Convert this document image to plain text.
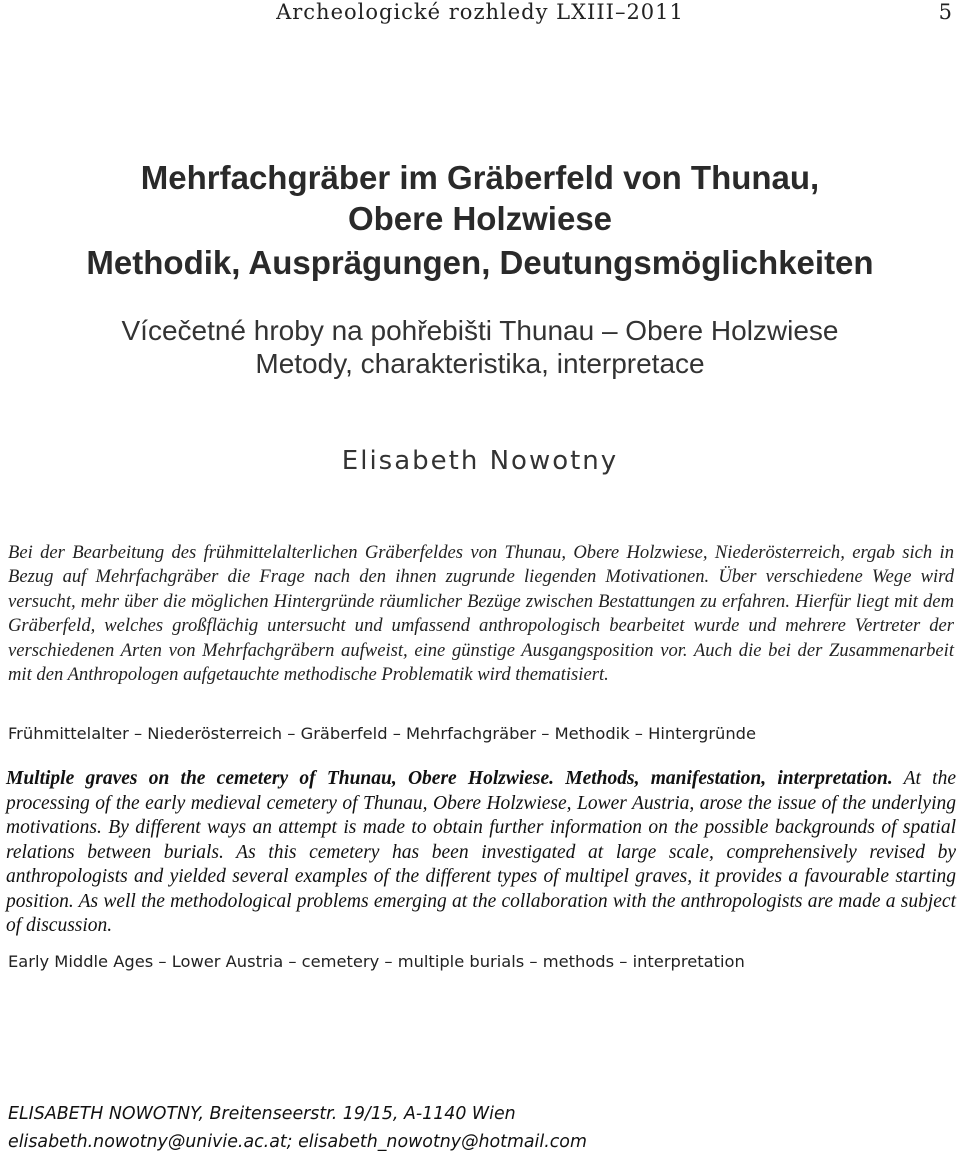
Archeologické rozhledy LXIII–2011	5
Mehrfachgräber im Gräberfeld von Thunau,
Obere Holzwiese
Methodik, Ausprägungen, Deutungsmöglichkeiten
Vícečetné hroby na pohřebišti Thunau – Obere Holzwiese
Metody, charakteristika, interpretace
Elisabeth Nowotny
Bei der Bearbeitung des frühmittelalterlichen Gräberfeldes von Thunau, Obere Holzwiese, Niederösterreich, ergab sich in Bezug auf Mehrfachgräber die Frage nach den ihnen zugrunde liegenden Motivationen. Über verschiedene Wege wird versucht, mehr über die möglichen Hintergründe räumlicher Bezüge zwischen Bestattungen zu erfahren. Hierfür liegt mit dem Gräberfeld, welches großflächig untersucht und umfassend anthropologisch bearbeitet wurde und mehrere Vertreter der verschiedenen Arten von Mehrfachgräbern aufweist, eine günstige Ausgangsposition vor. Auch die bei der Zusammenarbeit mit den Anthropologen aufgetauchte methodische Problematik wird thematisiert.
Frühmittelalter – Niederösterreich – Gräberfeld – Mehrfachgräber – Methodik – Hintergründe
Multiple graves on the cemetery of Thunau, Obere Holzwiese. Methods, manifestation, interpretation. At the processing of the early medieval cemetery of Thunau, Obere Holzwiese, Lower Austria, arose the issue of the underlying motivations. By different ways an attempt is made to obtain further information on the possible backgrounds of spatial relations between burials. As this cemetery has been investigated at large scale, comprehensively revised by anthropologists and yielded several examples of the different types of multipel graves, it provides a favourable starting position. As well the methodological problems emerging at the collaboration with the anthropologists are made a subject of discussion.
Early Middle Ages – Lower Austria – cemetery – multiple burials – methods – interpretation
ELISABETH NOWOTNY, Breitenseerstr. 19/15, A-1140 Wien
elisabeth.nowotny@univie.ac.at; elisabeth_nowotny@hotmail.com
